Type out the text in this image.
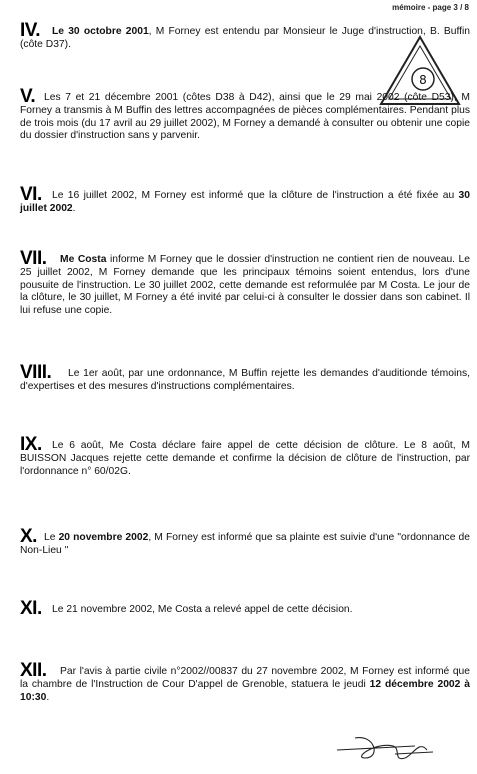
mémoire - page 3 / 8
8
IV.	Le 30 octobre 2001, M Forney est entendu par Monsieur le Juge d'instruction, B. Buffin (côte D37).
V. Les 7 et 21 décembre 2001 (côtes D38 à D42), ainsi que le 29 mai 2002 (côte D53), M Forney a transmis à M Buffin des lettres accompagnées de pièces complémentaires. Pendant plus de trois mois (du 17 avril au 29 juillet 2002), M Forney a demandé à consulter ou obtenir une copie du dossier d'instruction sans y parvenir.
VI. Le 16 juillet 2002, M Forney est informé que la clôture de l'instruction a été fixée au 30 juillet 2002.
VII.	Me Costa informe M Forney que le dossier d'instruction ne contient rien de nouveau. Le 25 juillet 2002, M Forney demande que les principaux témoins soient entendus, lors d'une pousuite de l'instruction. Le 30 juillet 2002, cette demande est reformulée par M Costa. Le jour de la clôture, le 30 juillet, M Forney a été invité par celui-ci à consulter le dossier dans son cabinet. Il lui refuse une copie.
VIII.	Le 1er août, par une ordonnance, M Buffin rejette les demandes d'auditionde témoins, d'expertises et des mesures d'instructions complémentaires.
IX. Le 6 août, Me Costa déclare faire appel de cette décision de clôture. Le 8 août, M BUISSON Jacques rejette cette demande et confirme la décision de clôture de l'instruction, par l'ordonnance n° 60/02G.
X. Le 20 novembre 2002, M Forney est informé que sa plainte est suivie d'une "ordonnance de Non-Lieu "
XI. Le 21 novembre 2002, Me Costa a relevé appel de cette décision.
XII.	Par l'avis à partie civile n°2002//00837 du 27 novembre 2002, M Forney est informé que la chambre de l'Instruction de Cour D'appel de Grenoble, statuera le jeudi 12 décembre 2002 à 10:30.
